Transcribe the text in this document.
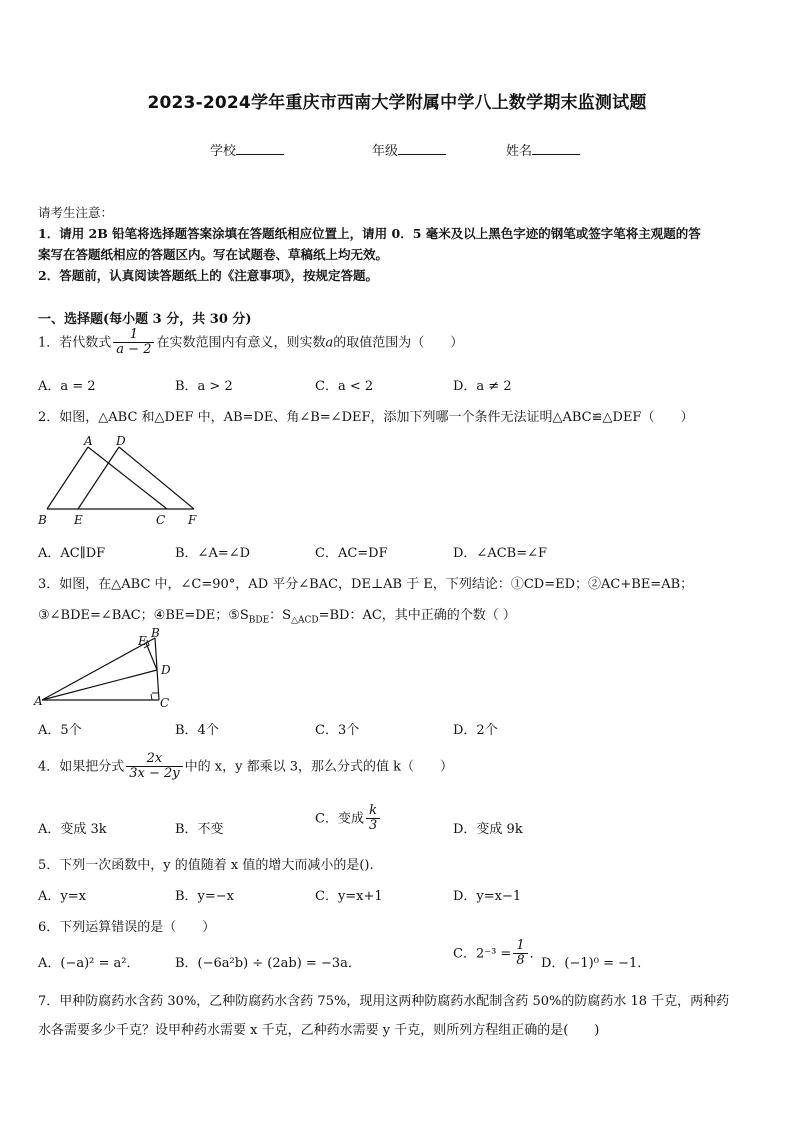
2023-2024学年重庆市西南大学附属中学八上数学期末监测试题
学校	年级	姓名
请考生注意：
1．请用 2B 铅笔将选择题答案涂填在答题纸相应位置上，请用 0．5 毫米及以上黑色字迹的钢笔或签字笔将主观题的答
案写在答题纸相应的答题区内。写在试题卷、草稿纸上均无效。
2．答题前，认真阅读答题纸上的《注意事项》，按规定答题。
一、选择题(每小题 3 分，共 30 分)
1．若代数式 $\frac{1}{a - 2}$ 在实数范围内有意义，则实数a的取值范围为（　　）
A．a = 2	B．a > 2	C．a < 2	D．a ≠ 2
2．如图，△ABC 和△DEF 中，AB=DE、角∠B=∠DEF，添加下列哪一个条件无法证明△ABC≌△DEF（　　）
A D
B E	C F
A．AC∥DF	B．∠A=∠D	C．AC=DF	D．∠ACB=∠F
3．如图，在△ABC 中，∠C=90°，AD 平分∠BAC，DE⊥AB 于 E，下列结论：①CD=ED；②AC+BE=AB；
③∠BDE=∠BAC；④BE=DE；$⑤S_{BDE}$：$S_{\triangle ACD}=BD$：AC，其中正确的个数（ ）
A
B
C
D
E
A．5个	B．4个	C．3个	D．2个
4．如果把分式 $\frac{2x}{3x - 2y}$ 中的 x，y 都乘以 3，那么分式的值 k（　　）
A．变成 3k	B．不变
C．变成 $\frac{k}{3}$	D．变成 9k
5．下列一次函数中，y 的值随着 x 值的增大而减小的是().
A．y=x	B．y=−x	C．y=x+1	D．y=x−1
6．下列运算错误的是（　　）
A．(−a)² = a²．	B．(−6a²b) ÷ (2ab) = −3a．
C．$2^{-3} = \frac{1}{8}$ ．
D．(−1)⁰ = −1．
7．甲种防腐药水含药 30%，乙种防腐药水含药 75%，现用这两种防腐药水配制含药 50%的防腐药水 18 千克，两种药
水各需要多少千克？设甲种药水需要 x 千克，乙种药水需要 y 千克，则所列方程组正确的是(　　)
